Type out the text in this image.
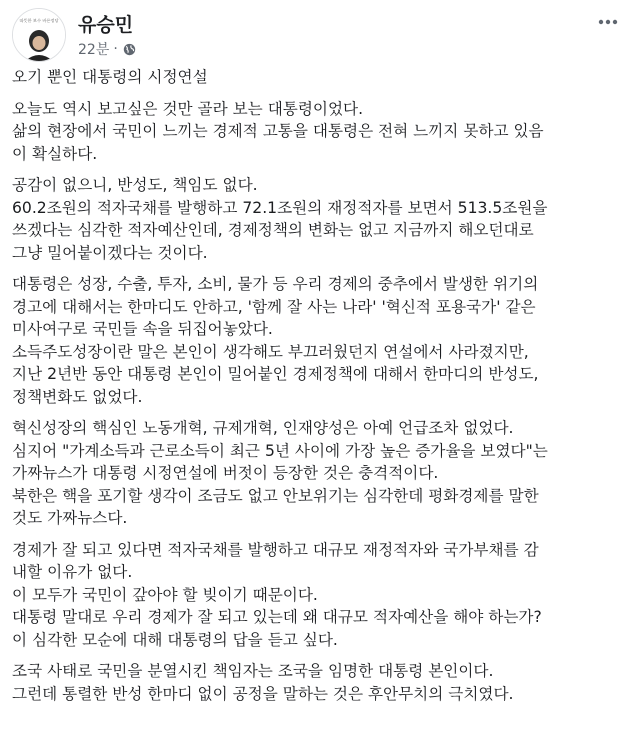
따뜻한 보수 바른정당 유승민
22분 ·

오기 뿐인 대통령의 시정연설

오늘도 역시 보고싶은 것만 골라 보는 대통령이었다.
삶의 현장에서 국민이 느끼는 경제적 고통을 대통령은 전혀 느끼지 못하고 있음
이 확실하다.

공감이 없으니, 반성도, 책임도 없다.
60.2조원의 적자국채를 발행하고 72.1조원의 재정적자를 보면서 513.5조원을
쓰겠다는 심각한 적자예산인데, 경제정책의 변화는 없고 지금까지 해오던대로
그냥 밀어붙이겠다는 것이다.

대통령은 성장, 수출, 투자, 소비, 물가 등 우리 경제의 중추에서 발생한 위기의
경고에 대해서는 한마디도 안하고, '함께 잘 사는 나라' '혁신적 포용국가' 같은
미사여구로 국민들 속을 뒤집어놓았다.
소득주도성장이란 말은 본인이 생각해도 부끄러웠던지 연설에서 사라졌지만,
지난 2년반 동안 대통령 본인이 밀어붙인 경제정책에 대해서 한마디의 반성도,
정책변화도 없었다.

혁신성장의 핵심인 노동개혁, 규제개혁, 인재양성은 아예 언급조차 없었다.
심지어 "가계소득과 근로소득이 최근 5년 사이에 가장 높은 증가율을 보였다"는
가짜뉴스가 대통령 시정연설에 버젓이 등장한 것은 충격적이다.
북한은 핵을 포기할 생각이 조금도 없고 안보위기는 심각한데 평화경제를 말한
것도 가짜뉴스다.

경제가 잘 되고 있다면 적자국채를 발행하고 대규모 재정적자와 국가부채를 감
내할 이유가 없다.
이 모두가 국민이 갚아야 할 빚이기 때문이다.
대통령 말대로 우리 경제가 잘 되고 있는데 왜 대규모 적자예산을 해야 하는가?
이 심각한 모순에 대해 대통령의 답을 듣고 싶다.

조국 사태로 국민을 분열시킨 책임자는 조국을 임명한 대통령 본인이다.
그런데 통렬한 반성 한마디 없이 공정을 말하는 것은 후안무치의 극치였다.
